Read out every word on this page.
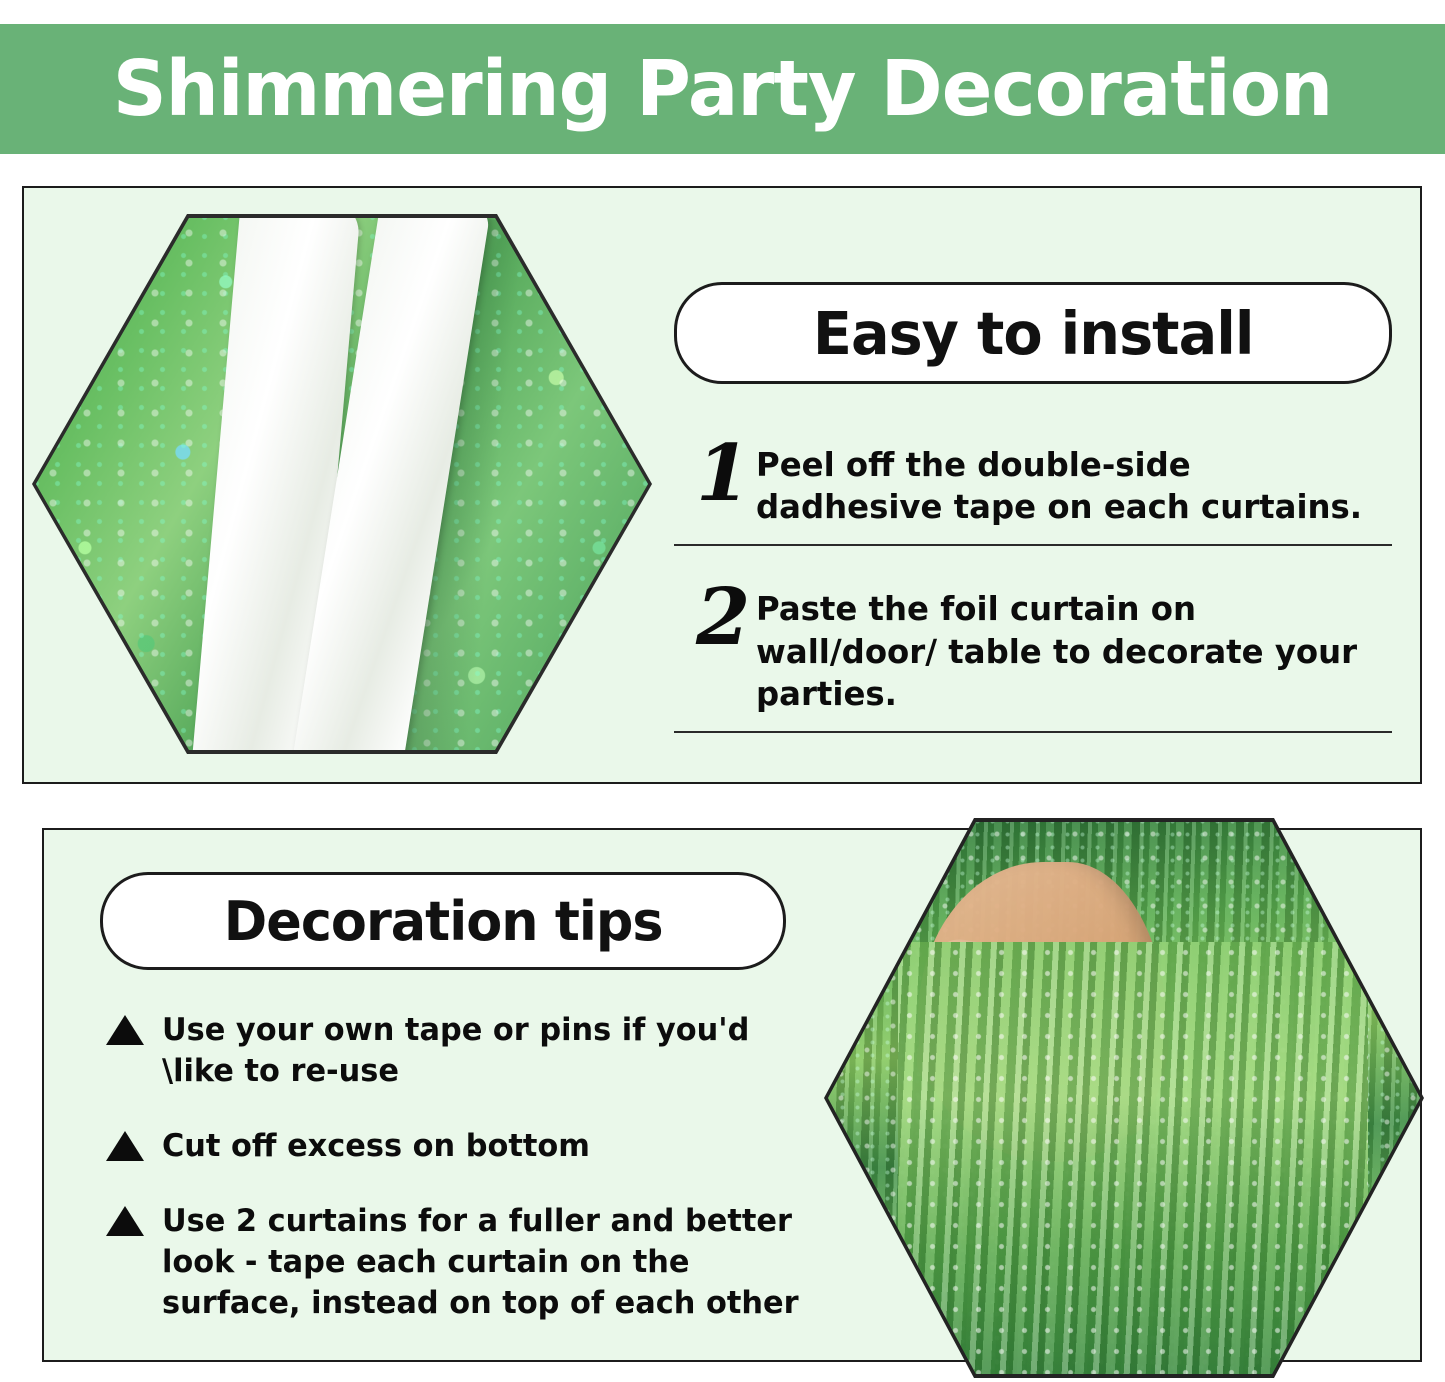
Shimmering Party Decoration
Easy to install
1 Peel off the double-side dadhesive tape on each curtains.
2 Paste the foil curtain on wall/door/ table to decorate your parties.
Decoration tips
Use your own tape or pins if you'd \like to re-use
Cut off excess on bottom
Use 2 curtains for a fuller and better look - tape each curtain on the surface, instead on top of each other
